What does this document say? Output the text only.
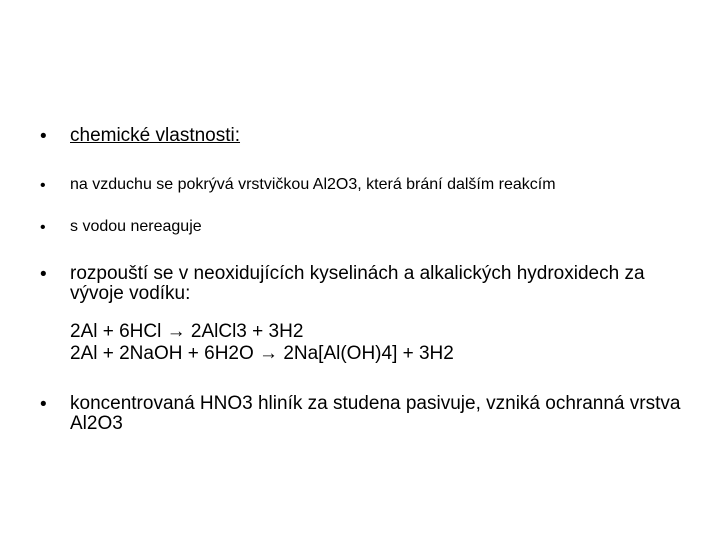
•	chemické vlastnosti:
•	na vzduchu se pokrývá vrstvičkou Al2O3, která brání dalším reakcím
•	s vodou nereaguje
•	rozpouští se v neoxidujících kyselinách a alkalických hydroxidech za vývoje vodíku:
2Al + 6HCl → 2AlCl3 + 3H2
2Al + 2NaOH + 6H2O → 2Na[Al(OH)4] + 3H2
•	koncentrovaná HNO3 hliník za studena pasivuje, vzniká ochranná vrstva Al2O3
